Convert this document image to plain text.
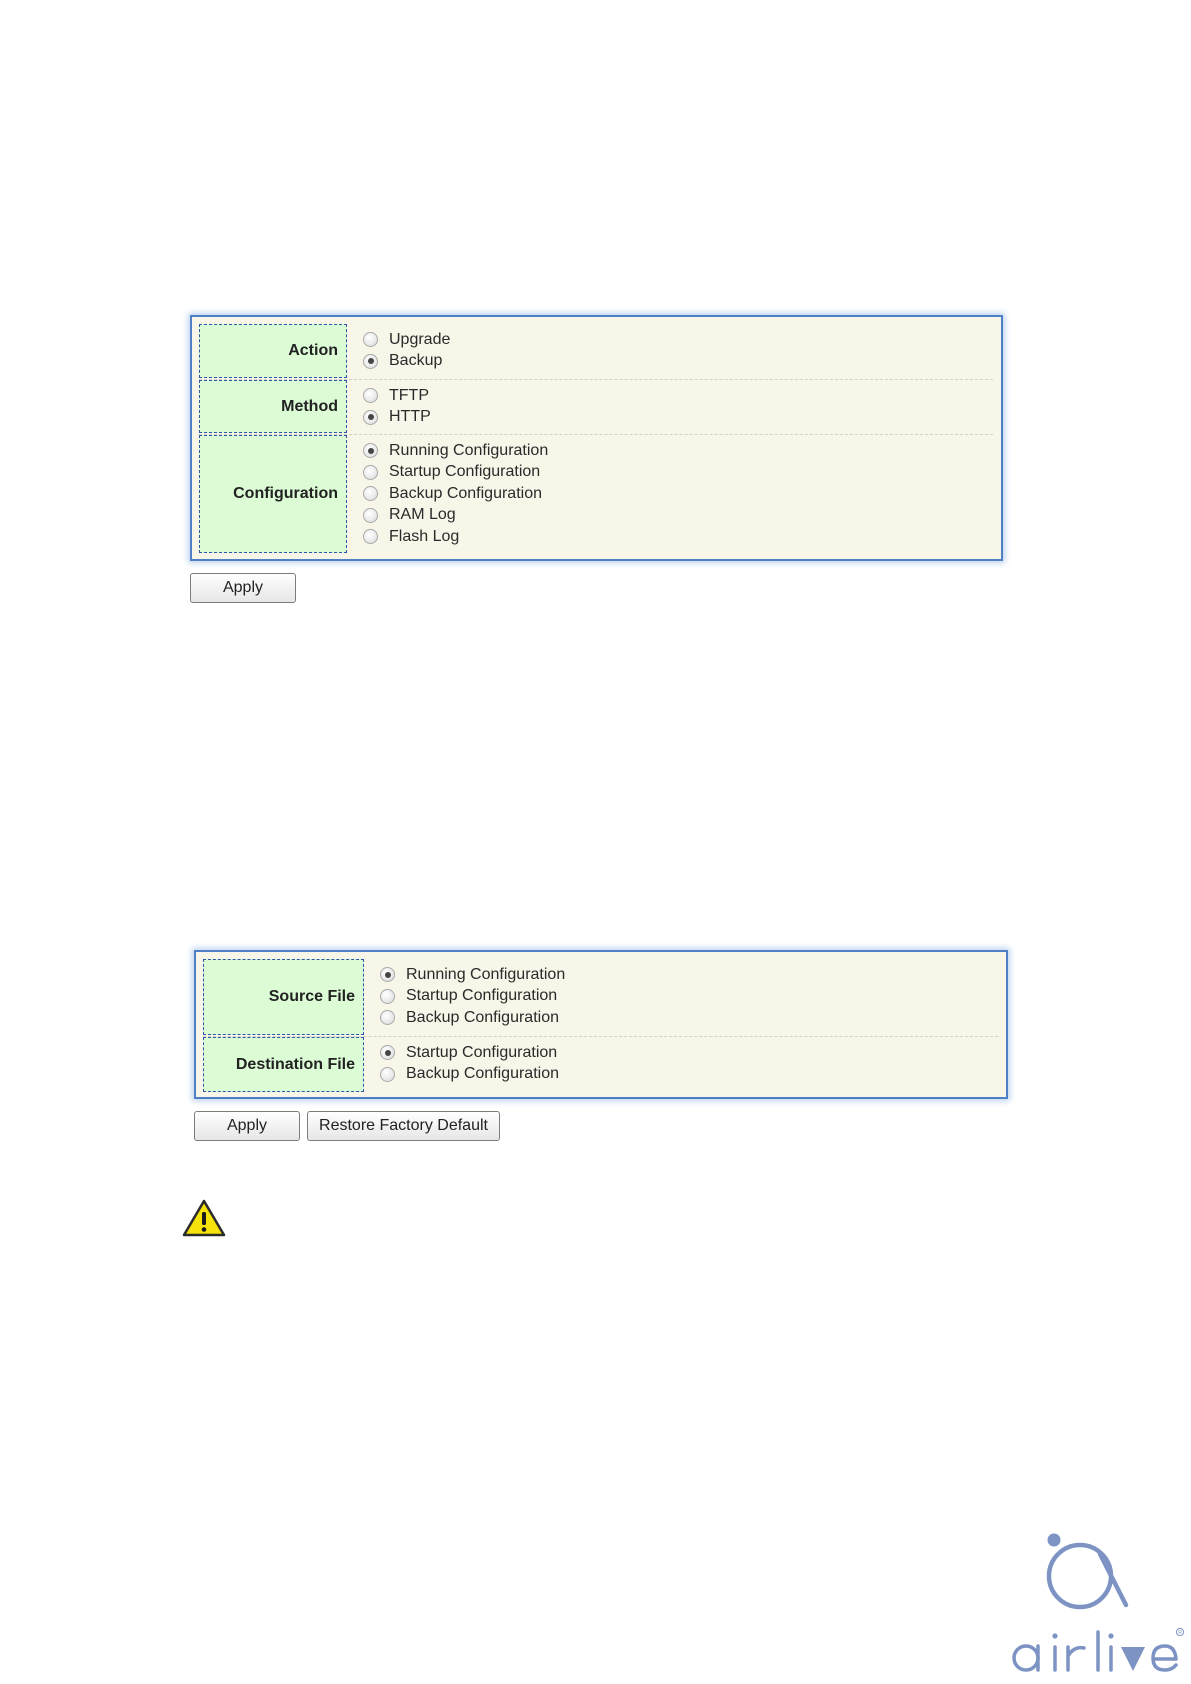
Action
Upgrade
Backup
Method
TFTP
HTTP
Configuration
Running Configuration
Startup Configuration
Backup Configuration
RAM Log
Flash Log
Apply
Source File
Running Configuration
Startup Configuration
Backup Configuration
Destination File
Startup Configuration
Backup Configuration
Apply	Restore Factory Default
R
